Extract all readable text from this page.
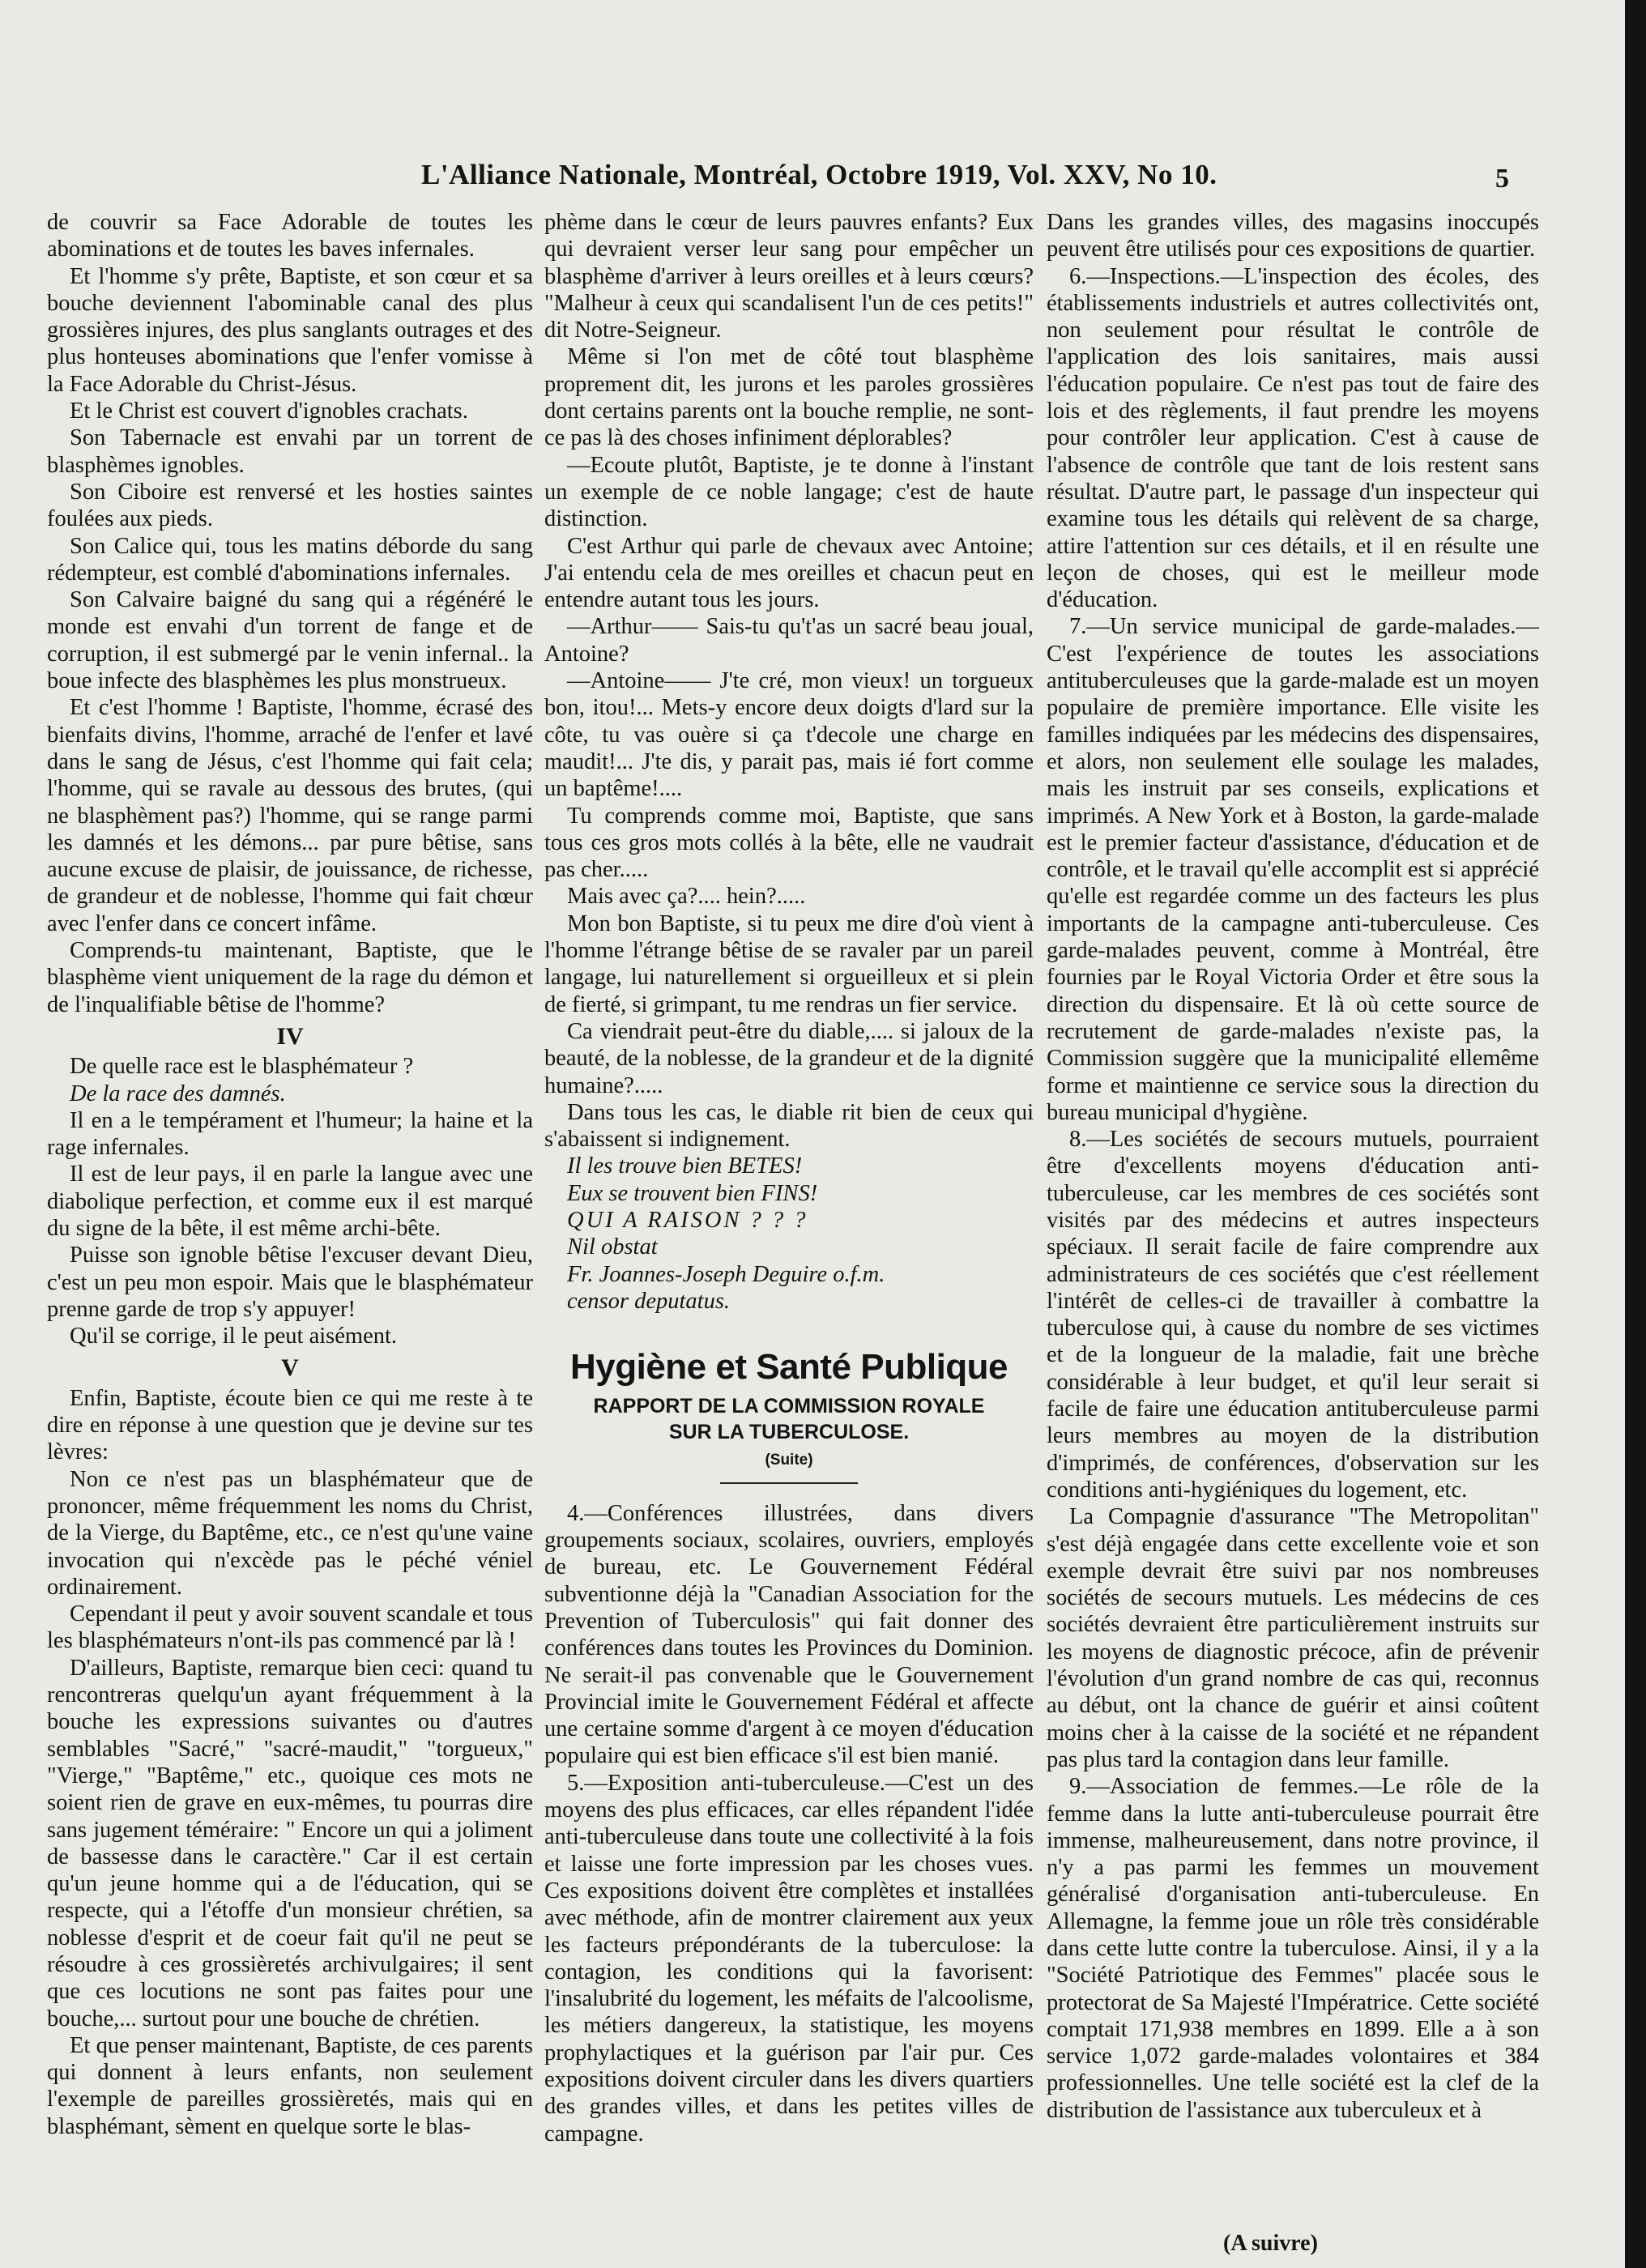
L'Alliance Nationale, Montréal, Octobre 1919, Vol. XXV, No 10.	5

de couvrir sa Face Adorable de toutes les abominations et de toutes les baves infernales.

Et l'homme s'y prête, Baptiste, et son cœur et sa bouche deviennent l'abominable canal des plus grossières injures, des plus sanglants outrages et des plus honteuses abominations que l'enfer vomisse à la Face Adorable du Christ-Jésus.

Et le Christ est couvert d'ignobles crachats.

Son Tabernacle est envahi par un torrent de blasphèmes ignobles.

Son Ciboire est renversé et les hosties saintes foulées aux pieds.

Son Calice qui, tous les matins déborde du sang rédempteur, est comblé d'abominations infernales.

Son Calvaire baigné du sang qui a régénéré le monde est envahi d'un torrent de fange et de corruption, il est submergé par le venin infernal.. la boue infecte des blasphèmes les plus monstrueux.

Et c'est l'homme ! Baptiste, l'homme, écrasé des bienfaits divins, l'homme, arraché de l'enfer et lavé dans le sang de Jésus, c'est l'homme qui fait cela; l'homme, qui se ravale au dessous des brutes, (qui ne blasphèment pas?) l'homme, qui se range parmi les damnés et les démons... par pure bêtise, sans aucune excuse de plaisir, de jouissance, de richesse, de grandeur et de noblesse, l'homme qui fait chœur avec l'enfer dans ce concert infâme.

Comprends-tu maintenant, Baptiste, que le blasphème vient uniquement de la rage du démon et de l'inqualifiable bêtise de l'homme?

IV

De quelle race est le blasphémateur ?

De la race des damnés.

Il en a le tempérament et l'humeur; la haine et la rage infernales.

Il est de leur pays, il en parle la langue avec une diabolique perfection, et comme eux il est marqué du signe de la bête, il est même archi-bête.

Puisse son ignoble bêtise l'excuser devant Dieu, c'est un peu mon espoir. Mais que le blasphémateur prenne garde de trop s'y appuyer!

Qu'il se corrige, il le peut aisément.

V

Enfin, Baptiste, écoute bien ce qui me reste à te dire en réponse à une question que je devine sur tes lèvres:

Non ce n'est pas un blasphémateur que de prononcer, même fréquemment les noms du Christ, de la Vierge, du Baptême, etc., ce n'est qu'une vaine invocation qui n'excède pas le péché véniel ordinairement.

Cependant il peut y avoir souvent scandale et tous les blasphémateurs n'ont-ils pas commencé par là !

D'ailleurs, Baptiste, remarque bien ceci: quand tu rencontreras quelqu'un ayant fréquemment à la bouche les expressions suivantes ou d'autres semblables "Sacré," "sacré-maudit," "torgueux," "Vierge," "Baptême," etc., quoique ces mots ne soient rien de grave en eux-mêmes, tu pourras dire sans jugement téméraire: " Encore un qui a joliment de bassesse dans le caractère." Car il est certain qu'un jeune homme qui a de l'éducation, qui se respecte, qui a l'étoffe d'un monsieur chrétien, sa noblesse d'esprit et de coeur fait qu'il ne peut se résoudre à ces grossièretés archivulgaires; il sent que ces locutions ne sont pas faites pour une bouche,... surtout pour une bouche de chrétien.

Et que penser maintenant, Baptiste, de ces parents qui donnent à leurs enfants, non seulement l'exemple de pareilles grossièretés, mais qui en blasphémant, sèment en quelque sorte le blas-

phème dans le cœur de leurs pauvres enfants? Eux qui devraient verser leur sang pour empêcher un blasphème d'arriver à leurs oreilles et à leurs cœurs? "Malheur à ceux qui scandalisent l'un de ces petits!" dit Notre-Seigneur.

Même si l'on met de côté tout blasphème proprement dit, les jurons et les paroles grossières dont certains parents ont la bouche remplie, ne sont-ce pas là des choses infiniment déplorables?

—Ecoute plutôt, Baptiste, je te donne à l'instant un exemple de ce noble langage; c'est de haute distinction.

C'est Arthur qui parle de chevaux avec Antoine; J'ai entendu cela de mes oreilles et chacun peut en entendre autant tous les jours.

—Arthur—— Sais-tu qu't'as un sacré beau joual, Antoine?

—Antoine—— J'te cré, mon vieux! un torgueux bon, itou!... Mets-y encore deux doigts d'lard sur la côte, tu vas ouère si ça t'decole une charge en maudit!... J'te dis, y parait pas, mais ié fort comme un baptême!....

Tu comprends comme moi, Baptiste, que sans tous ces gros mots collés à la bête, elle ne vaudrait pas cher.....

Mais avec ça?.... hein?.....

Mon bon Baptiste, si tu peux me dire d'où vient à l'homme l'étrange bêtise de se ravaler par un pareil langage, lui naturellement si orgueilleux et si plein de fierté, si grimpant, tu me rendras un fier service.

Ca viendrait peut-être du diable,.... si jaloux de la beauté, de la noblesse, de la grandeur et de la dignité humaine?.....

Dans tous les cas, le diable rit bien de ceux qui s'abaissent si indignement.

Il les trouve bien BETES!

Eux se trouvent bien FINS!

QUI A RAISON ? ? ?

Nil obstat

Fr. Joannes-Joseph Deguire o.f.m.

censor deputatus.

Hygiène et Santé Publique
RAPPORT DE LA COMMISSION ROYALE
SUR LA TUBERCULOSE.
(Suite)

4.—Conférences illustrées, dans divers groupements sociaux, scolaires, ouvriers, employés de bureau, etc. Le Gouvernement Fédéral subventionne déjà la "Canadian Association for the Prevention of Tuberculosis" qui fait donner des conférences dans toutes les Provinces du Dominion. Ne serait-il pas convenable que le Gouvernement Provincial imite le Gouvernement Fédéral et affecte une certaine somme d'argent à ce moyen d'éducation populaire qui est bien efficace s'il est bien manié.

5.—Exposition anti-tuberculeuse.—C'est un des moyens des plus efficaces, car elles répandent l'idée anti-tuberculeuse dans toute une collectivité à la fois et laisse une forte impression par les choses vues. Ces expositions doivent être complètes et installées avec méthode, afin de montrer clairement aux yeux les facteurs prépondérants de la tuberculose: la contagion, les conditions qui la favorisent: l'insalubrité du logement, les méfaits de l'alcoolisme, les métiers dangereux, la statistique, les moyens prophylactiques et la guérison par l'air pur. Ces expositions doivent circuler dans les divers quartiers des grandes villes, et dans les petites villes de campagne.

Dans les grandes villes, des magasins inoccupés peuvent être utilisés pour ces expositions de quartier.

6.—Inspections.—L'inspection des écoles, des établissements industriels et autres collectivités ont, non seulement pour résultat le contrôle de l'application des lois sanitaires, mais aussi l'éducation populaire. Ce n'est pas tout de faire des lois et des règlements, il faut prendre les moyens pour contrôler leur application. C'est à cause de l'absence de contrôle que tant de lois restent sans résultat. D'autre part, le passage d'un inspecteur qui examine tous les détails qui relèvent de sa charge, attire l'attention sur ces détails, et il en résulte une leçon de choses, qui est le meilleur mode d'éducation.

7.—Un service municipal de garde-malades.—C'est l'expérience de toutes les associations antituberculeuses que la garde-malade est un moyen populaire de première importance. Elle visite les familles indiquées par les médecins des dispensaires, et alors, non seulement elle soulage les malades, mais les instruit par ses conseils, explications et imprimés. A New York et à Boston, la garde-malade est le premier facteur d'assistance, d'éducation et de contrôle, et le travail qu'elle accomplit est si apprécié qu'elle est regardée comme un des facteurs les plus importants de la campagne anti-tuberculeuse. Ces garde-malades peuvent, comme à Montréal, être fournies par le Royal Victoria Order et être sous la direction du dispensaire. Et là où cette source de recrutement de garde-malades n'existe pas, la Commission suggère que la municipalité ellemême forme et maintienne ce service sous la direction du bureau municipal d'hygiène.

8.—Les sociétés de secours mutuels, pourraient être d'excellents moyens d'éducation anti-tuberculeuse, car les membres de ces sociétés sont visités par des médecins et autres inspecteurs spéciaux. Il serait facile de faire comprendre aux administrateurs de ces sociétés que c'est réellement l'intérêt de celles-ci de travailler à combattre la tuberculose qui, à cause du nombre de ses victimes et de la longueur de la maladie, fait une brèche considérable à leur budget, et qu'il leur serait si facile de faire une éducation antituberculeuse parmi leurs membres au moyen de la distribution d'imprimés, de conférences, d'observation sur les conditions anti-hygiéniques du logement, etc.

La Compagnie d'assurance "The Metropolitan" s'est déjà engagée dans cette excellente voie et son exemple devrait être suivi par nos nombreuses sociétés de secours mutuels. Les médecins de ces sociétés devraient être particulièrement instruits sur les moyens de diagnostic précoce, afin de prévenir l'évolution d'un grand nombre de cas qui, reconnus au début, ont la chance de guérir et ainsi coûtent moins cher à la caisse de la société et ne répandent pas plus tard la contagion dans leur famille.

9.—Association de femmes.—Le rôle de la femme dans la lutte anti-tuberculeuse pourrait être immense, malheureusement, dans notre province, il n'y a pas parmi les femmes un mouvement généralisé d'organisation anti-tuberculeuse. En Allemagne, la femme joue un rôle très considérable dans cette lutte contre la tuberculose. Ainsi, il y a la "Société Patriotique des Femmes" placée sous le protectorat de Sa Majesté l'Impératrice. Cette société comptait 171,938 membres en 1899. Elle a à son service 1,072 garde-malades volontaires et 384 professionnelles. Une telle société est la clef de la distribution de l'assistance aux tuberculeux et à

(A suivre)
